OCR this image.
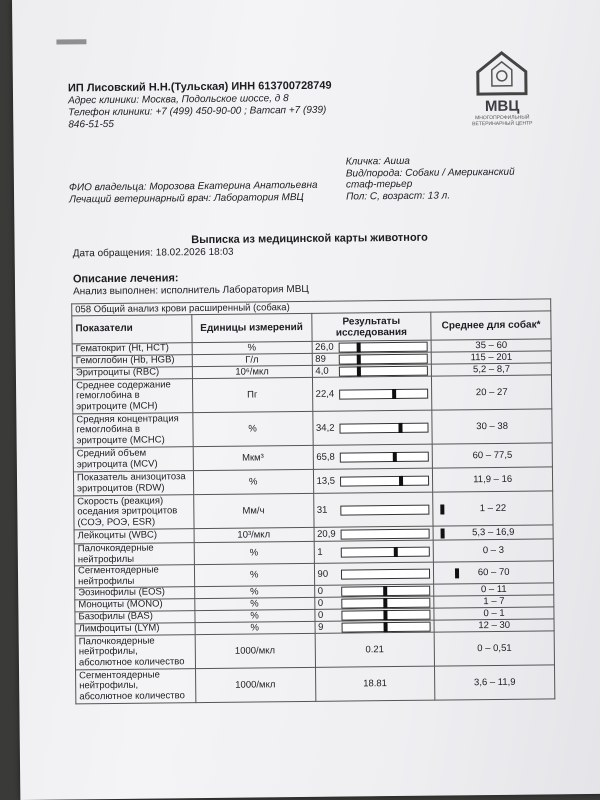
МВЦ
МНОГОПРОФИЛЬНЫЙ ВЕТЕРИНАРНЫЙ ЦЕНТР
ИП Лисовский Н.Н.(Тульская) ИНН 613700728749
Адрес клиники: Москва, Подольское шоссе, д 8
Телефон клиники: +7 (499) 450-90-00 ; Ватсап +7 (939)
846-51-55
Кличка: Аиша
Вид/порода: Собаки / Американский
стаф-терьер
Пол: С, возраст: 13 л.
ФИО владельца: Морозова Екатерина Анатольевна
Лечащий ветеринарный врач: Лаборатория МВЦ
Выписка из медицинской карты животного
Дата обращения: 18.02.2026 18:03
Описание лечения:
Анализ выполнен: исполнитель Лаборатория МВЦ
058 Общий анализ крови расширенный (собака)			
Показатели	Единицы измерений	Результаты исследования	Среднее для собак*
Гематокрит (Ht, HCT)	%	26,0	35 – 60
Гемоглобин (Hb, HGB)	Г/л	89	115 – 201
Эритроциты (RBC)	10⁶/мкл	4,0	5,2 – 8,7
Среднее содержание гемоглобина в эритроците (MCH)	Пг	22,4	20 – 27
Средняя концентрация гемоглобина в эритроците (MCHC)	%	34,2	30 – 38
Средний объем эритроцита (MCV)	Мкм³	65,8	60 – 77,5
Показатель анизоцитоза эритроцитов (RDW)	%	13,5	11,9 – 16
Скорость (реакция) оседания эритроцитов (СОЭ, РОЭ, ESR)	Мм/ч	31	1 – 22
Лейкоциты (WBC)	10³/мкл	20,9	5,3 – 16,9
Палочкоядерные нейтрофилы	%	1	0 – 3
Сегментоядерные нейтрофилы	%	90	60 – 70
Эозинофилы (EOS)	%	0	0 – 11
Моноциты (MONO)	%	0	1 – 7
Базофилы (BAS)	%	0	0 – 1
Лимфоциты (LYM)	%	9	12 – 30
Палочкоядерные нейтрофилы, абсолютное количество	1000/мкл	0.21	0 – 0,51
Сегментоядерные нейтрофилы, абсолютное количество	1000/мкл	18.81	3,6 – 11,9
